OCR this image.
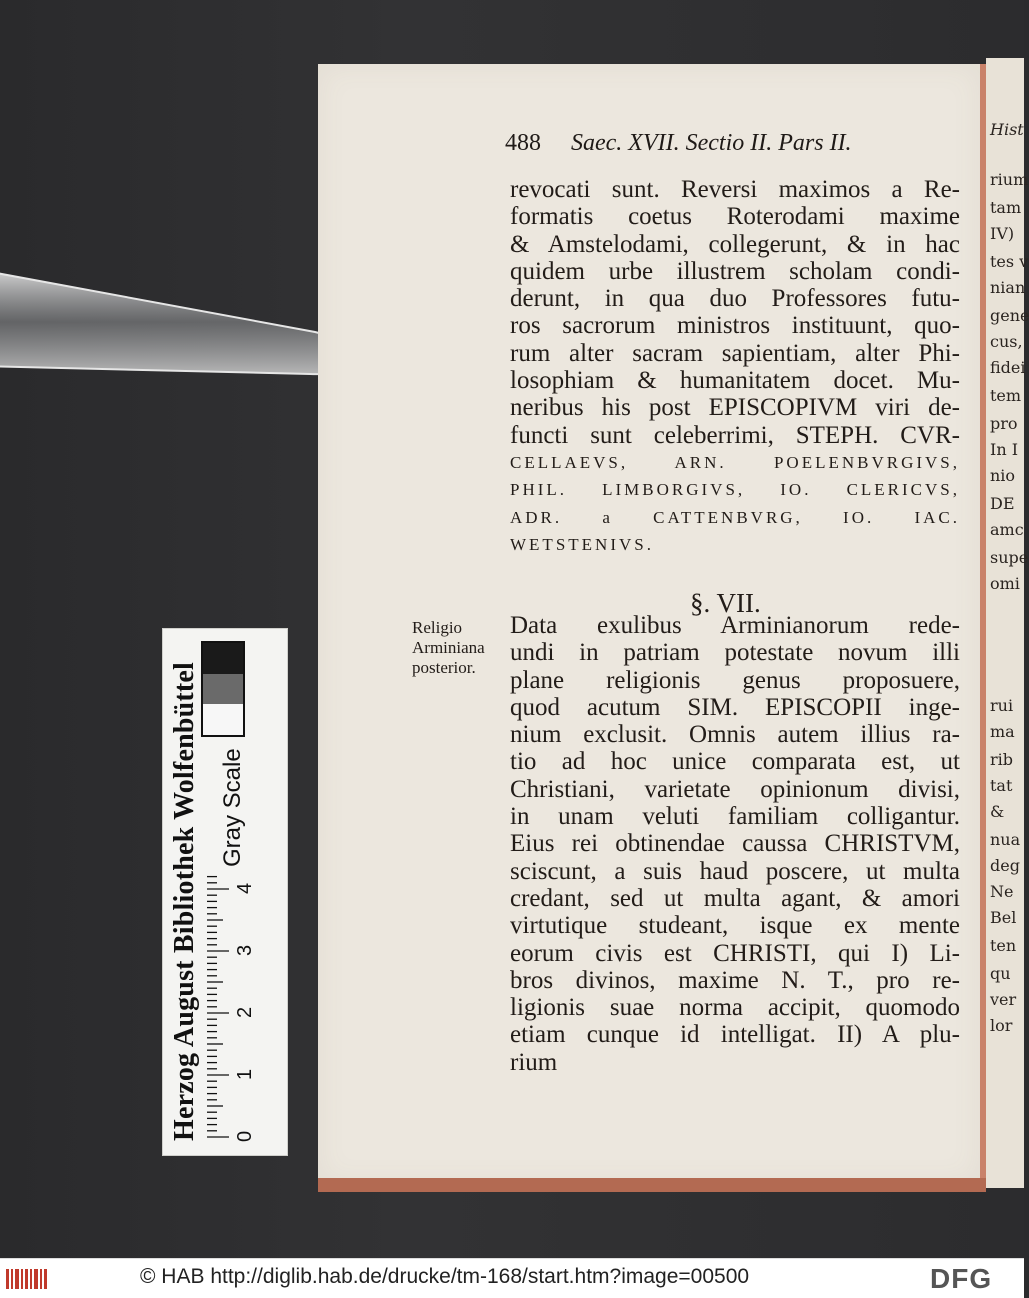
Herzog August Bibliothek Wolfenbüttel 0
1
2
3
4
Gray Scale
Hist
rium
tam
IV)
tes v
nian
gene
cus,
fidei
tem
pro
In I
nio
DE
amc
supe
omi
rui
ma
rib
tat
&
nua
deg
Ne
Bel
ten
qu
ver
lor
488 Saec. XVII. Sectio II. Pars II.
revocati sunt. Reversi maximos a Re-
formatis coetus Roterodami maxime
& Amstelodami, collegerunt, & in hac
quidem urbe illustrem scholam condi-
derunt, in qua duo Professores futu-
ros sacrorum ministros instituunt, quo-
rum alter sacram sapientiam, alter Phi-
losophiam & humanitatem docet. Mu-
neribus his post EPISCOPIVM viri de-
functi sunt celeberrimi, STEPH. CVR-
CELLAEVS, ARN. POELENBVRGIVS,
PHIL. LIMBORGIVS, IO. CLERICVS,
ADR. a CATTENBVRG, IO. IAC.
WETSTENIVS.
§. VII.
Religio
Arminiana
posterior.
Data exulibus Arminianorum rede-
undi in patriam potestate novum illi
plane religionis genus proposuere,
quod acutum SIM. EPISCOPII inge-
nium exclusit. Omnis autem illius ra-
tio ad hoc unice comparata est, ut
Christiani, varietate opinionum divisi,
in unam veluti familiam colligantur.
Eius rei obtinendae caussa CHRISTVM,
sciscunt, a suis haud poscere, ut multa
credant, sed ut multa agant, & amori
virtutique studeant, isque ex mente
eorum civis est CHRISTI, qui I) Li-
bros divinos, maxime N. T., pro re-
ligionis suae norma accipit, quomodo
etiam cunque id intelligat. II) A plu-
rium
© HAB http://diglib.hab.de/drucke/tm-168/start.htm?image=00500	DFG
